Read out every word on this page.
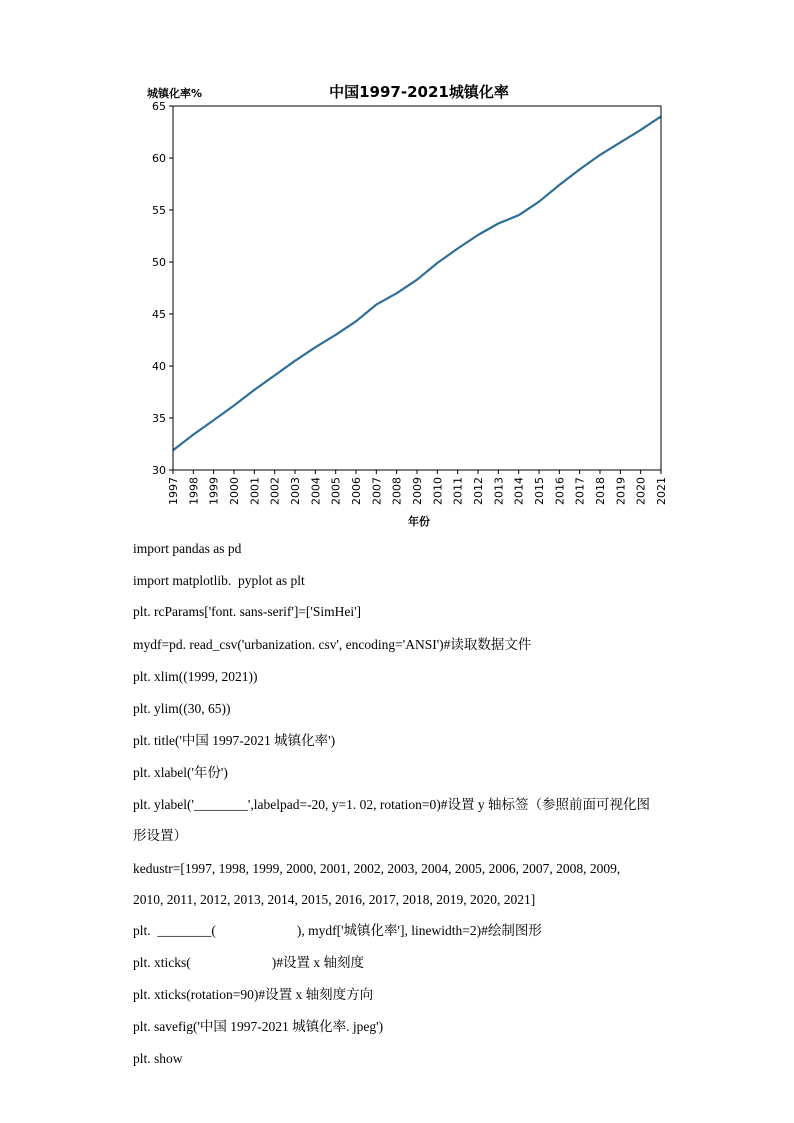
中国1997-2021城镇化率
城镇化率%
30
35
40
45
50
55
60
65
1997 1998 1999 2000 2001 2002 2003 2004 2005 2006 2007 2008 2009 2010 2011 2012 2013 2014 2015 2016 2017 2018 2019 2020 2021
年份
import pandas as pd
import matplotlib.  pyplot as plt
plt. rcParams['font. sans-serif']=['SimHei']
mydf=pd. read_csv('urbanization. csv', encoding='ANSI')#读取数据文件
plt. xlim((1999, 2021))
plt. ylim((30, 65))
plt. title('中国 1997-2021 城镇化率')
plt. xlabel('年份')
plt. ylabel('________',labelpad=-20, y=1. 02, rotation=0)#设置 y 轴标签（参照前面可视化图
形设置）
kedustr=[1997, 1998, 1999, 2000, 2001, 2002, 2003, 2004, 2005, 2006, 2007, 2008, 2009,
2010, 2011, 2012, 2013, 2014, 2015, 2016, 2017, 2018, 2019, 2020, 2021]
plt.  ________(                        ), mydf['城镇化率'], linewidth=2)#绘制图形
plt. xticks(                        )#设置 x 轴刻度
plt. xticks(rotation=90)#设置 x 轴刻度方向
plt. savefig('中国 1997-2021 城镇化率. jpeg')
plt. show
